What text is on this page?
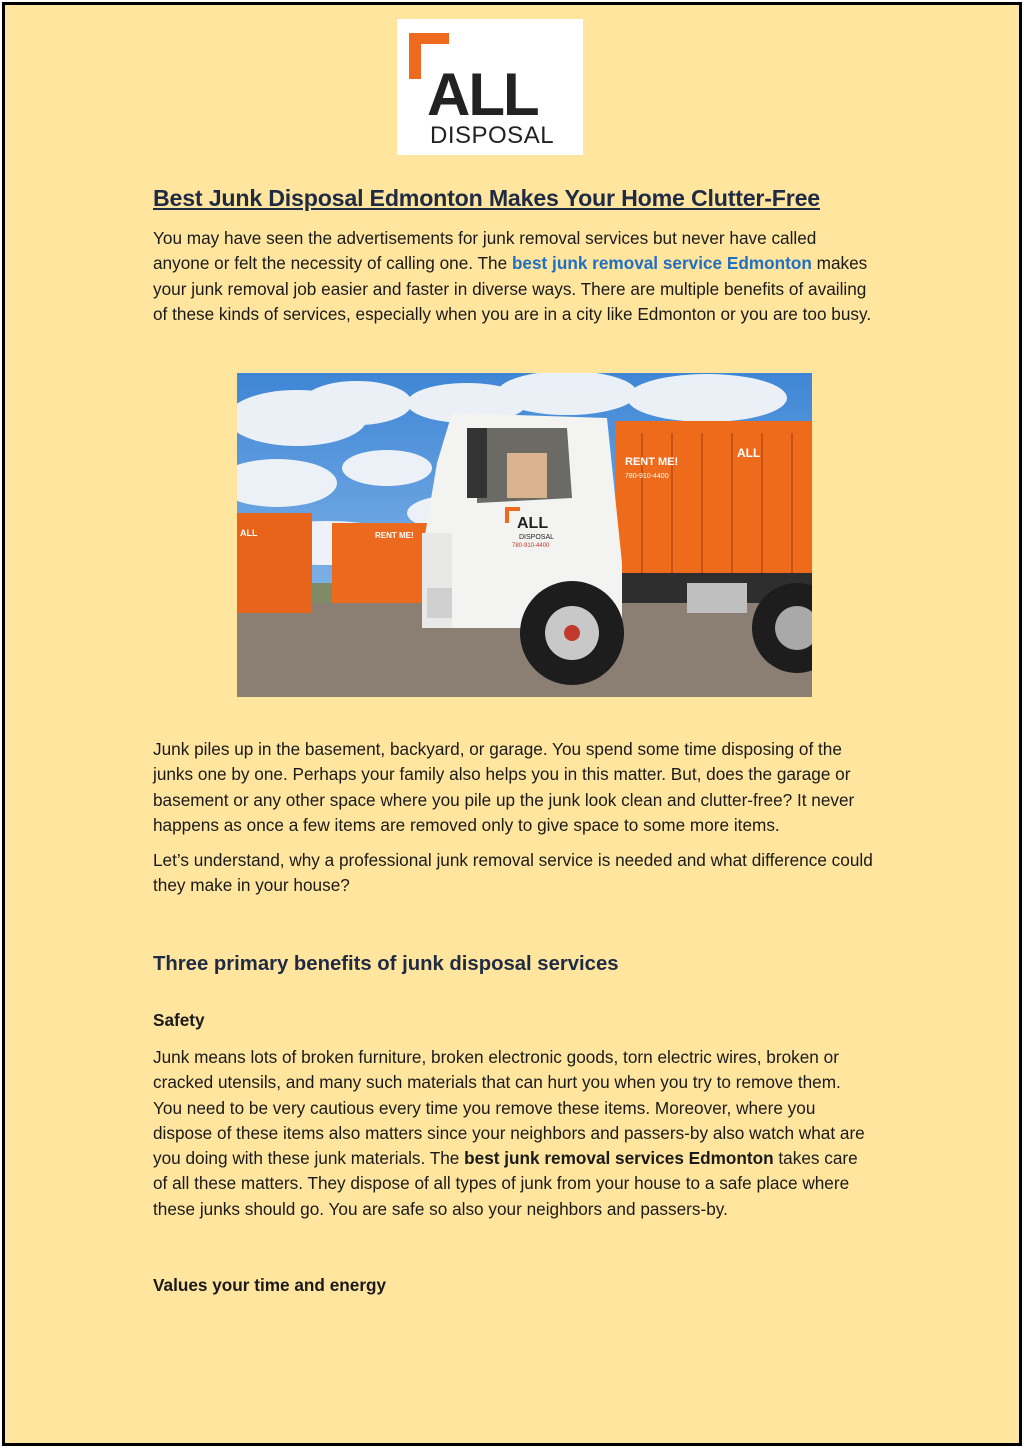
ALL
DISPOSAL
Best Junk Disposal Edmonton Makes Your Home Clutter-Free

You may have seen the advertisements for junk removal services but never have called anyone or felt the necessity of calling one. The best junk removal service Edmonton makes your junk removal job easier and faster in diverse ways. There are multiple benefits of availing of these kinds of services, especially when you are in a city like Edmonton or you are too busy.

ALL	RENT ME!
RENT ME!
780-910-4400
ALL
ALL
DISPOSAL
780-910-4400

Junk piles up in the basement, backyard, or garage. You spend some time disposing of the junks one by one. Perhaps your family also helps you in this matter. But, does the garage or basement or any other space where you pile up the junk look clean and clutter-free? It never happens as once a few items are removed only to give space to some more items.

Let’s understand, why a professional junk removal service is needed and what difference could they make in your house?

Three primary benefits of junk disposal services
Safety

Junk means lots of broken furniture, broken electronic goods, torn electric wires, broken or cracked utensils, and many such materials that can hurt you when you try to remove them. You need to be very cautious every time you remove these items. Moreover, where you dispose of these items also matters since your neighbors and passers-by also watch what are you doing with these junk materials. The best junk removal services Edmonton takes care of all these matters. They dispose of all types of junk from your house to a safe place where these junks should go. You are safe so also your neighbors and passers-by.

Values your time and energy
